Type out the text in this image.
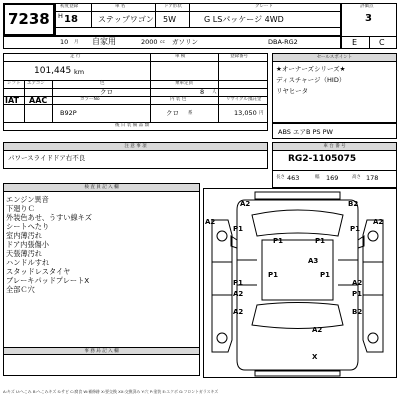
7238
初度登録	車 名	ドア形状	グレード
H 18	ステップワゴン 5W	G LSパッケージ 4WD
10 月 自家用	2000 cc ガソリン	DBA-RG2
評価点
3
E	C
走 行	車 検	登録番号
101,445 km
シフト エアコン	色	乗車定員
IAT AAC
クロ	8 人
カラーNo	内 装 色	リサイクル預託金
B92P	クロ 系	13,050 円
後 日 装 備 品 類
セールスポイント
★オーナーズシリーズ★
ディスチャージ（HID）
リヤヒータ
ABS エアB PS PW
注 意 事 項
パワースライドドア右不良
車 台 番 号
RG2-1105075
長さ 463	幅 169	高さ 178
検 査 員 記 入 欄
エンジン異音
下廻りＣ
外装色あせ、うすい線キズ
シートへたり
室内薄汚れ
ドア内張傷小
天張薄汚れ
ハンドルすれ
スタッドレスタイヤ
ブレーキパッドプレートX
全部Ｃ穴
事 務 局 記 入 欄
A2	B2
A2
P1	P1
A2
P1	P1
A3
P1	P1
P1
A2
A2
P1
A2	B2
A2
X
A:キズ U:へこみ B:へこみキズ S:サビ C:腐食 W:補修跡 X:要交換 XX:交換済み Y:穴 P:塗装 E:エクボ G:フロントガラスキズ
